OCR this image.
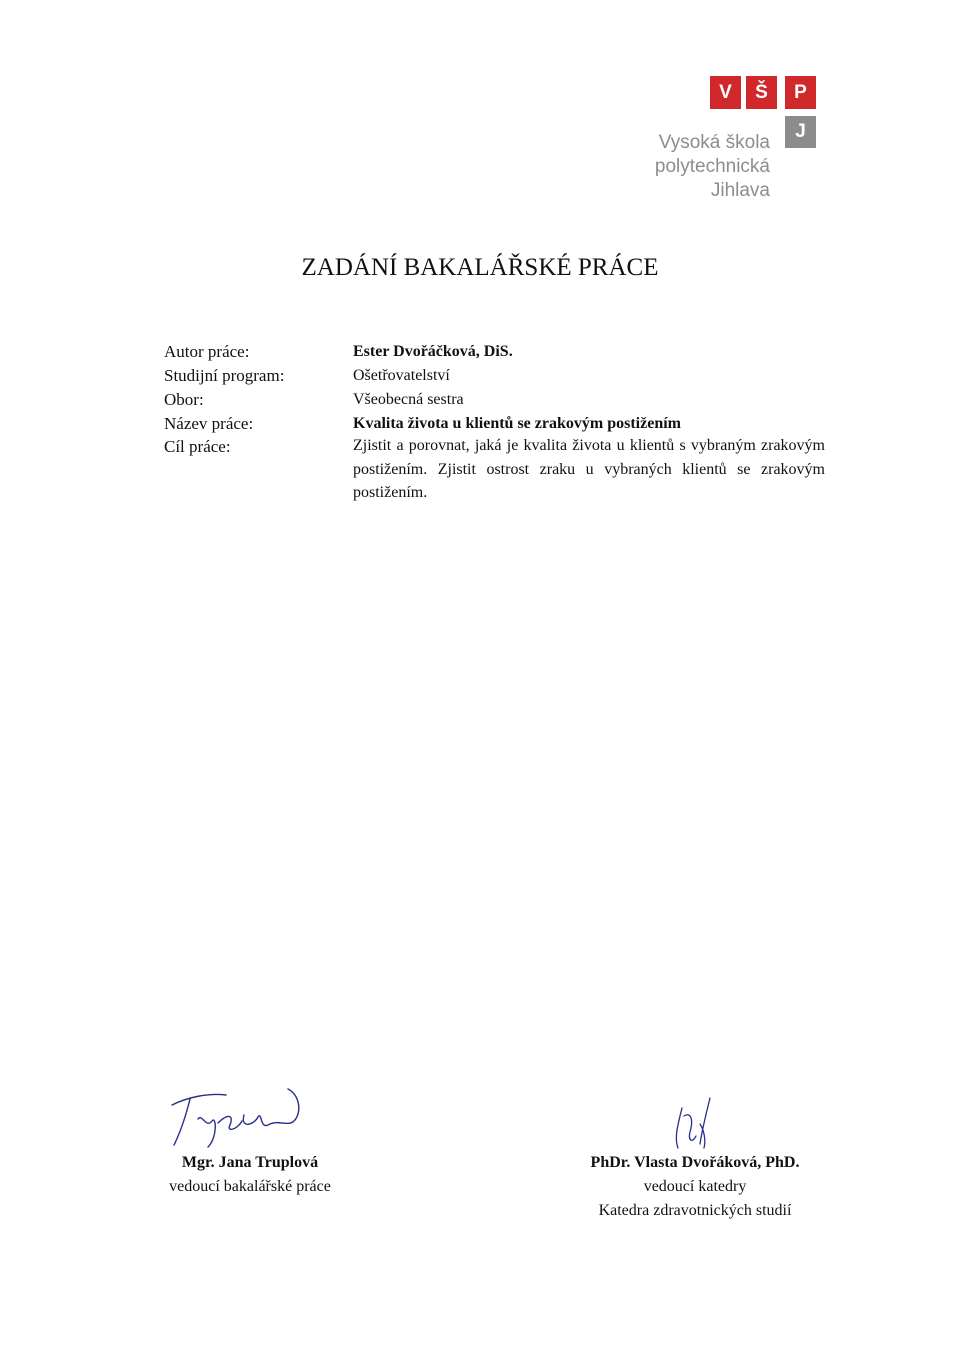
V	Š	P
J
Vysoká škola
polytechnická
Jihlava
ZADÁNÍ BAKALÁŘSKÉ PRÁCE
Autor práce:
Studijní program:
Obor:
Název práce:
Cíl práce:
Ester Dvořáčková, DiS.
Ošetřovatelství
Všeobecná sestra
Kvalita života u klientů se zrakovým postižením

Zjistit a porovnat, jaká je kvalita života u klientů s vybraným zrakovým postižením. Zjistit ostrost zraku u vybraných klientů se zrakovým postižením.

Mgr. Jana Truplová
vedoucí bakalářské práce
PhDr. Vlasta Dvořáková, PhD.
vedoucí katedry
Katedra zdravotnických studií
